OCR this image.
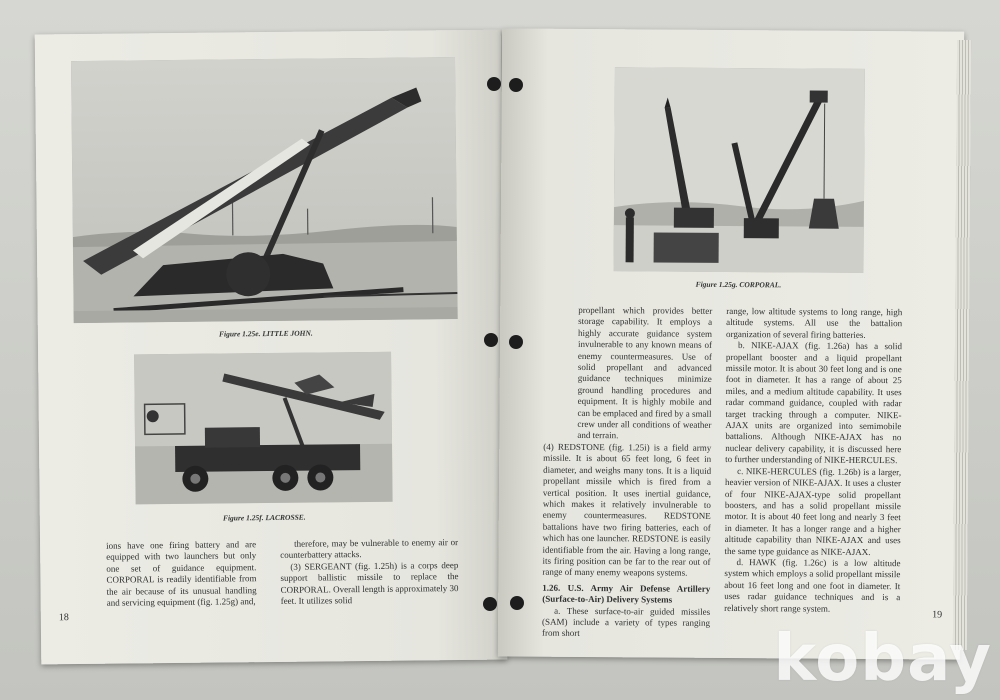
Figure 1.25e. LITTLE JOHN.
Figure 1.25f. LACROSSE.

ions have one firing battery and are equipped with two launchers but only one set of guidance equipment. CORPORAL is readily identifiable from the air because of its unusual handling and servicing equipment (fig. 1.25g) and,

therefore, may be vulnerable to enemy air or counterbattery attacks.

(3) SERGEANT (fig. 1.25h) is a corps deep support ballistic missile to replace the CORPORAL. Overall length is approximately 30 feet. It utilizes solid

18
Figure 1.25g. CORPORAL.

propellant which provides better storage capability. It employs a highly accurate guidance system invulnerable to any known means of enemy countermeasures. Use of solid propellant and advanced guidance techniques minimize ground handling procedures and equipment. It is highly mobile and can be emplaced and fired by a small crew under all conditions of weather and terrain.

(4) REDSTONE (fig. 1.25i) is a field army missile. It is about 65 feet long, 6 feet in diameter, and weighs many tons. It is a liquid propellant missile which is fired from a vertical position. It uses inertial guidance, which makes it relatively invulnerable to enemy countermeasures. REDSTONE battalions have two firing batteries, each of which has one launcher. REDSTONE is easily identifiable from the air. Having a long range, its firing position can be far to the rear out of range of many enemy weapons systems.

1.26. U.S. Army Air Defense Artillery (Surface-to-Air) Delivery Systems

a. These surface-to-air guided missiles (SAM) include a variety of types ranging from short

range, low altitude systems to long range, high altitude systems. All use the battalion organization of several firing batteries.

b. NIKE-AJAX (fig. 1.26a) has a solid propellant booster and a liquid propellant missile motor. It is about 30 feet long and is one foot in diameter. It has a range of about 25 miles, and a medium altitude capability. It uses radar command guidance, coupled with radar target tracking through a computer. NIKE-AJAX units are organized into semimobile battalions. Although NIKE-AJAX has no nuclear delivery capability, it is discussed here to further understanding of NIKE-HERCULES.

c. NIKE-HERCULES (fig. 1.26b) is a larger, heavier version of NIKE-AJAX. It uses a cluster of four NIKE-AJAX-type solid propellant boosters, and has a solid propellant missile motor. It is about 40 feet long and nearly 3 feet in diameter. It has a longer range and a higher altitude capability than NIKE-AJAX and uses the same type guidance as NIKE-AJAX.

d. HAWK (fig. 1.26c) is a low altitude system which employs a solid propellant missile about 16 feet long and one foot in diameter. It uses radar guidance techniques and is a relatively short range system.

19
kobay
